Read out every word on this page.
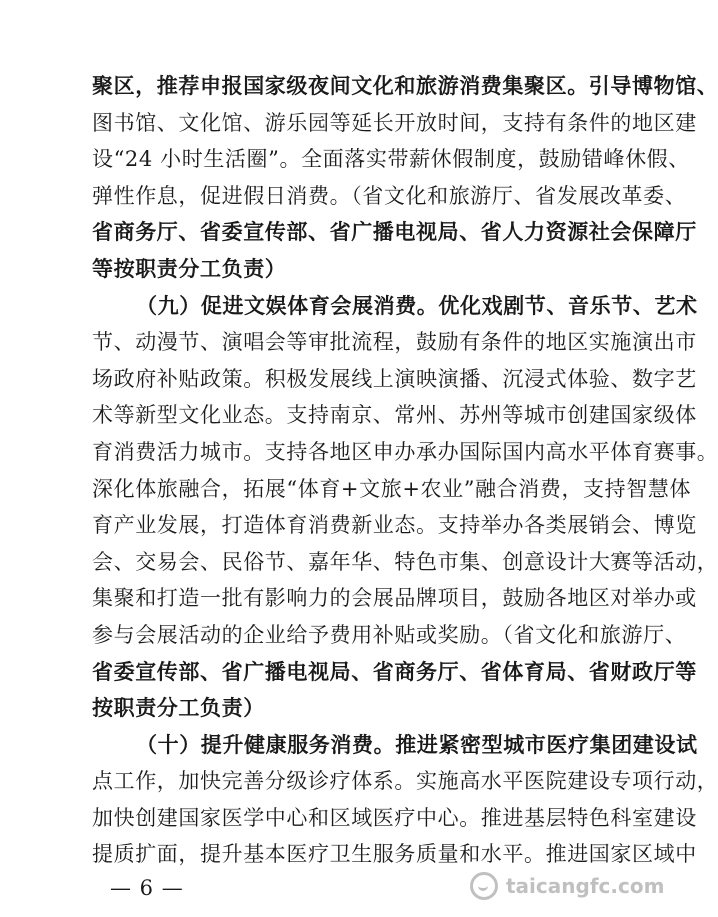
聚区，推荐申报国家级夜间文化和旅游消费集聚区。引导博物馆、
图书馆、文化馆、游乐园等延长开放时间，支持有条件的地区建
设“24 小时生活圈”。全面落实带薪休假制度，鼓励错峰休假、
弹性作息，促进假日消费。（省文化和旅游厅、省发展改革委、
省商务厅、省委宣传部、省广播电视局、省人力资源社会保障厅
等按职责分工负责）
（九）促进文娱体育会展消费。优化戏剧节、音乐节、艺术
节、动漫节、演唱会等审批流程，鼓励有条件的地区实施演出市
场政府补贴政策。积极发展线上演映演播、沉浸式体验、数字艺
术等新型文化业态。支持南京、常州、苏州等城市创建国家级体
育消费活力城市。支持各地区申办承办国际国内高水平体育赛事。
深化体旅融合，拓展“体育+文旅+农业”融合消费，支持智慧体
育产业发展，打造体育消费新业态。支持举办各类展销会、博览
会、交易会、民俗节、嘉年华、特色市集、创意设计大赛等活动，
集聚和打造一批有影响力的会展品牌项目，鼓励各地区对举办或
参与会展活动的企业给予费用补贴或奖励。（省文化和旅游厅、
省委宣传部、省广播电视局、省商务厅、省体育局、省财政厅等
按职责分工负责）
（十）提升健康服务消费。推进紧密型城市医疗集团建设试
点工作，加快完善分级诊疗体系。实施高水平医院建设专项行动，
加快创建国家医学中心和区域医疗中心。推进基层特色科室建设
提质扩面，提升基本医疗卫生服务质量和水平。推进国家区域中
— 6 —	taicangfc.com
